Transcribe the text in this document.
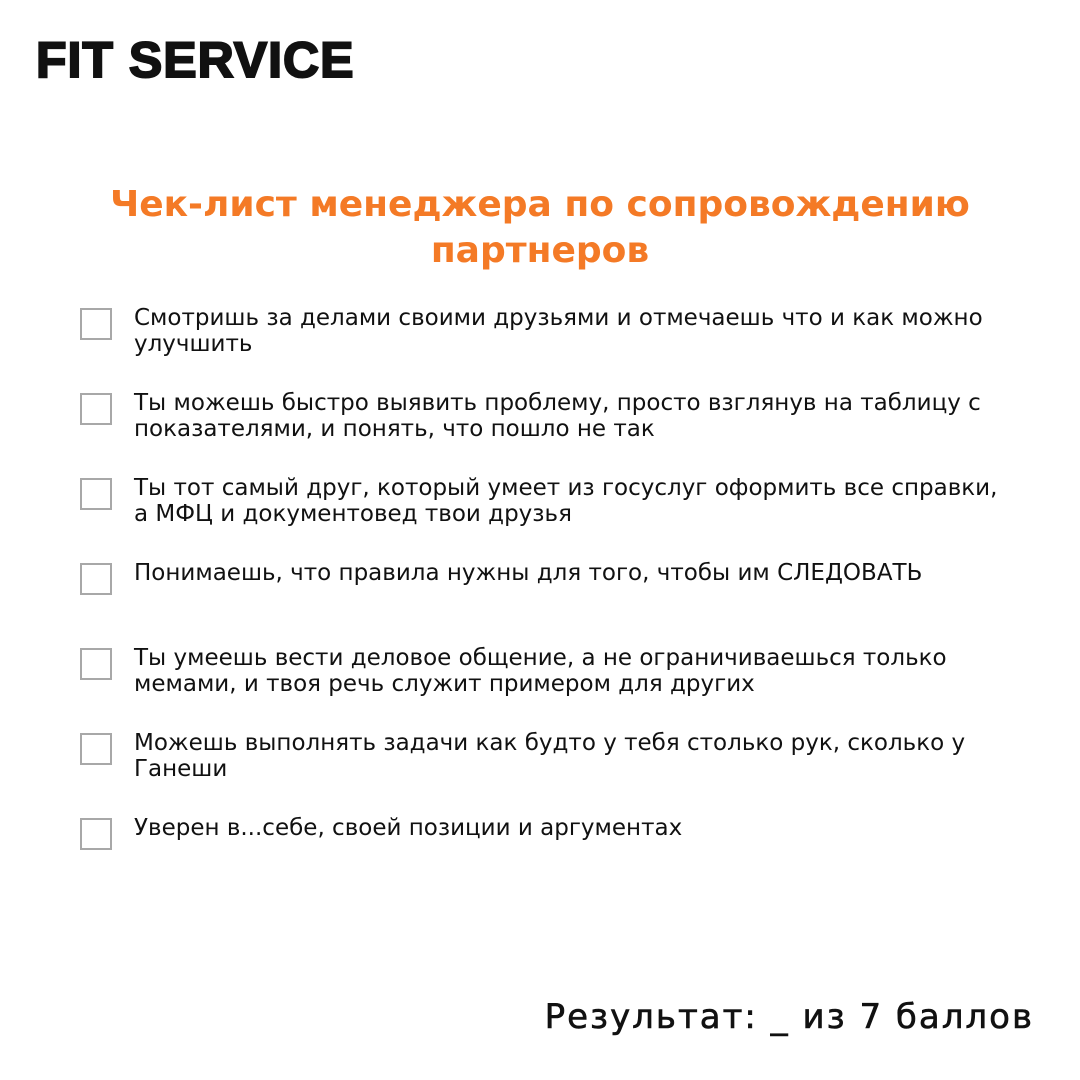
FIT SERVICE
Чек-лист менеджера по сопровождению партнеров
Смотришь за делами своими друзьями и отмечаешь что и как можно улучшить
Ты можешь быстро выявить проблему, просто взглянув на таблицу с показателями, и понять, что пошло не так
Ты тот самый друг, который умеет из госуслуг оформить все справки, а МФЦ и документовед твои друзья
Понимаешь, что правила нужны для того, чтобы им СЛЕДОВАТЬ
Ты умеешь вести деловое общение, а не ограничиваешься только мемами, и твоя речь служит примером для других
Можешь выполнять задачи как будто у тебя столько рук, сколько у Ганеши
Уверен в...себе, своей позиции и аргументах
Результат: _ из 7 баллов
